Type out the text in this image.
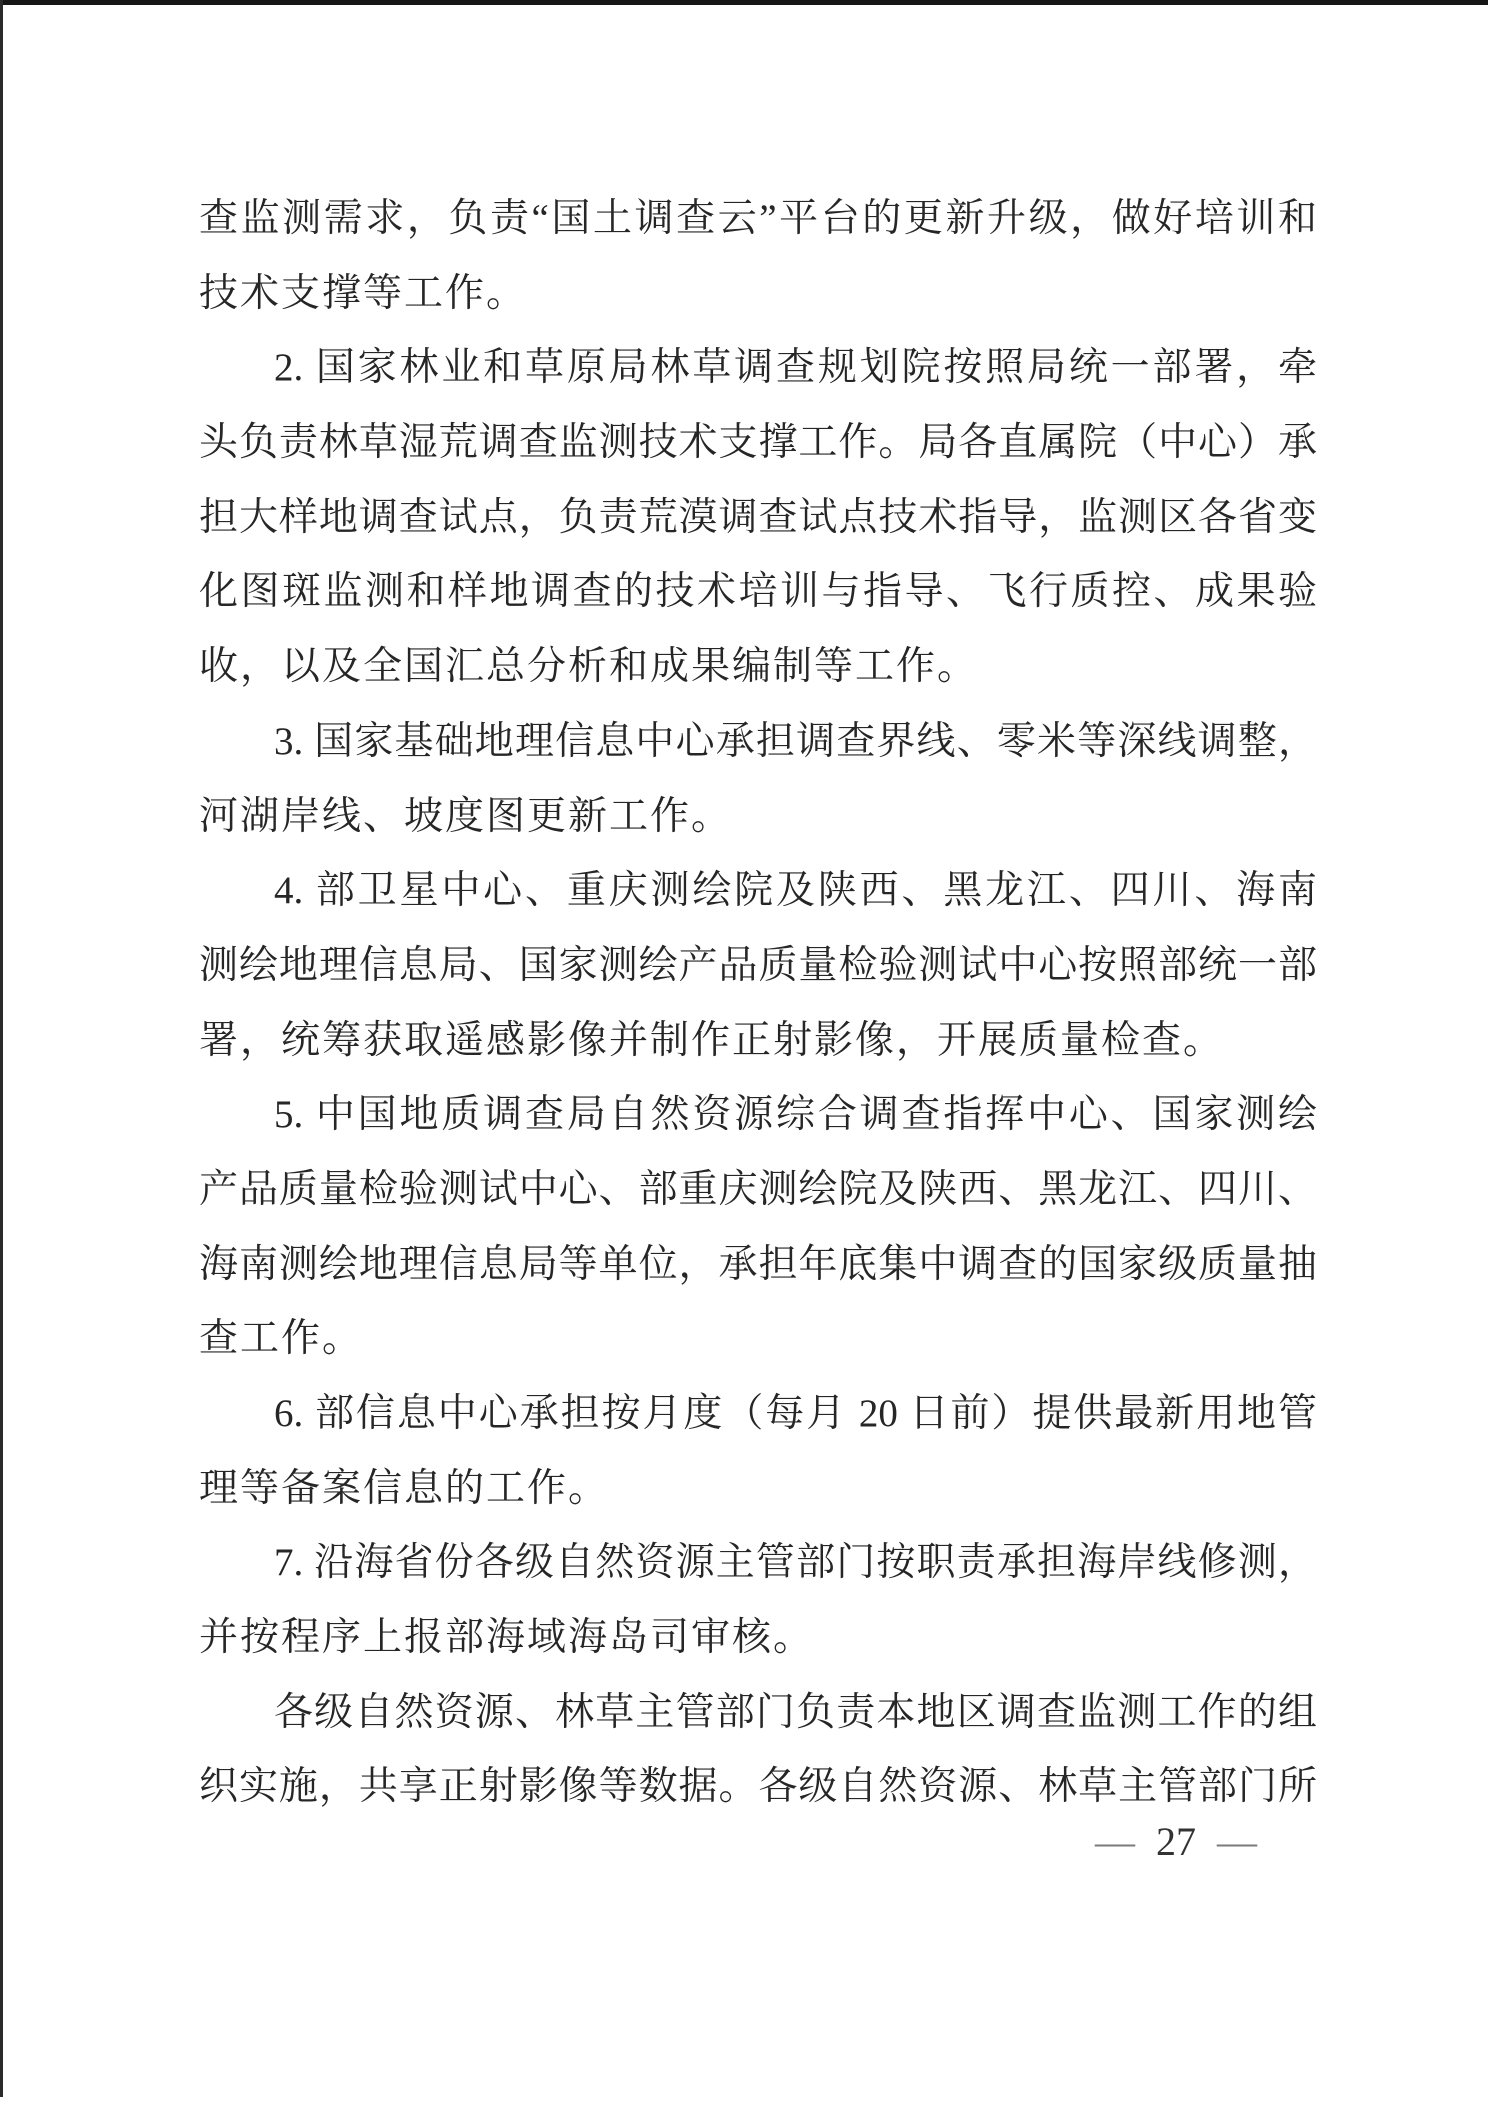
查监测需求，负责“国土调查云”平台的更新升级，做好培训和
技术支撑等工作。
2. 国家林业和草原局林草调查规划院按照局统一部署，牵
头负责林草湿荒调查监测技术支撑工作。局各直属院（中心）承
担大样地调查试点，负责荒漠调查试点技术指导，监测区各省变
化图斑监测和样地调查的技术培训与指导、飞行质控、成果验
收，以及全国汇总分析和成果编制等工作。
3. 国家基础地理信息中心承担调查界线、零米等深线调整，
河湖岸线、坡度图更新工作。
4. 部卫星中心、重庆测绘院及陕西、黑龙江、四川、海南
测绘地理信息局、国家测绘产品质量检验测试中心按照部统一部
署，统筹获取遥感影像并制作正射影像，开展质量检查。
5. 中国地质调查局自然资源综合调查指挥中心、国家测绘
产品质量检验测试中心、部重庆测绘院及陕西、黑龙江、四川、
海南测绘地理信息局等单位，承担年底集中调查的国家级质量抽
查工作。
6. 部信息中心承担按月度（每月 20 日前）提供最新用地管
理等备案信息的工作。
7. 沿海省份各级自然资源主管部门按职责承担海岸线修测，
并按程序上报部海域海岛司审核。
各级自然资源、林草主管部门负责本地区调查监测工作的组
织实施，共享正射影像等数据。各级自然资源、林草主管部门所
— 27 —
